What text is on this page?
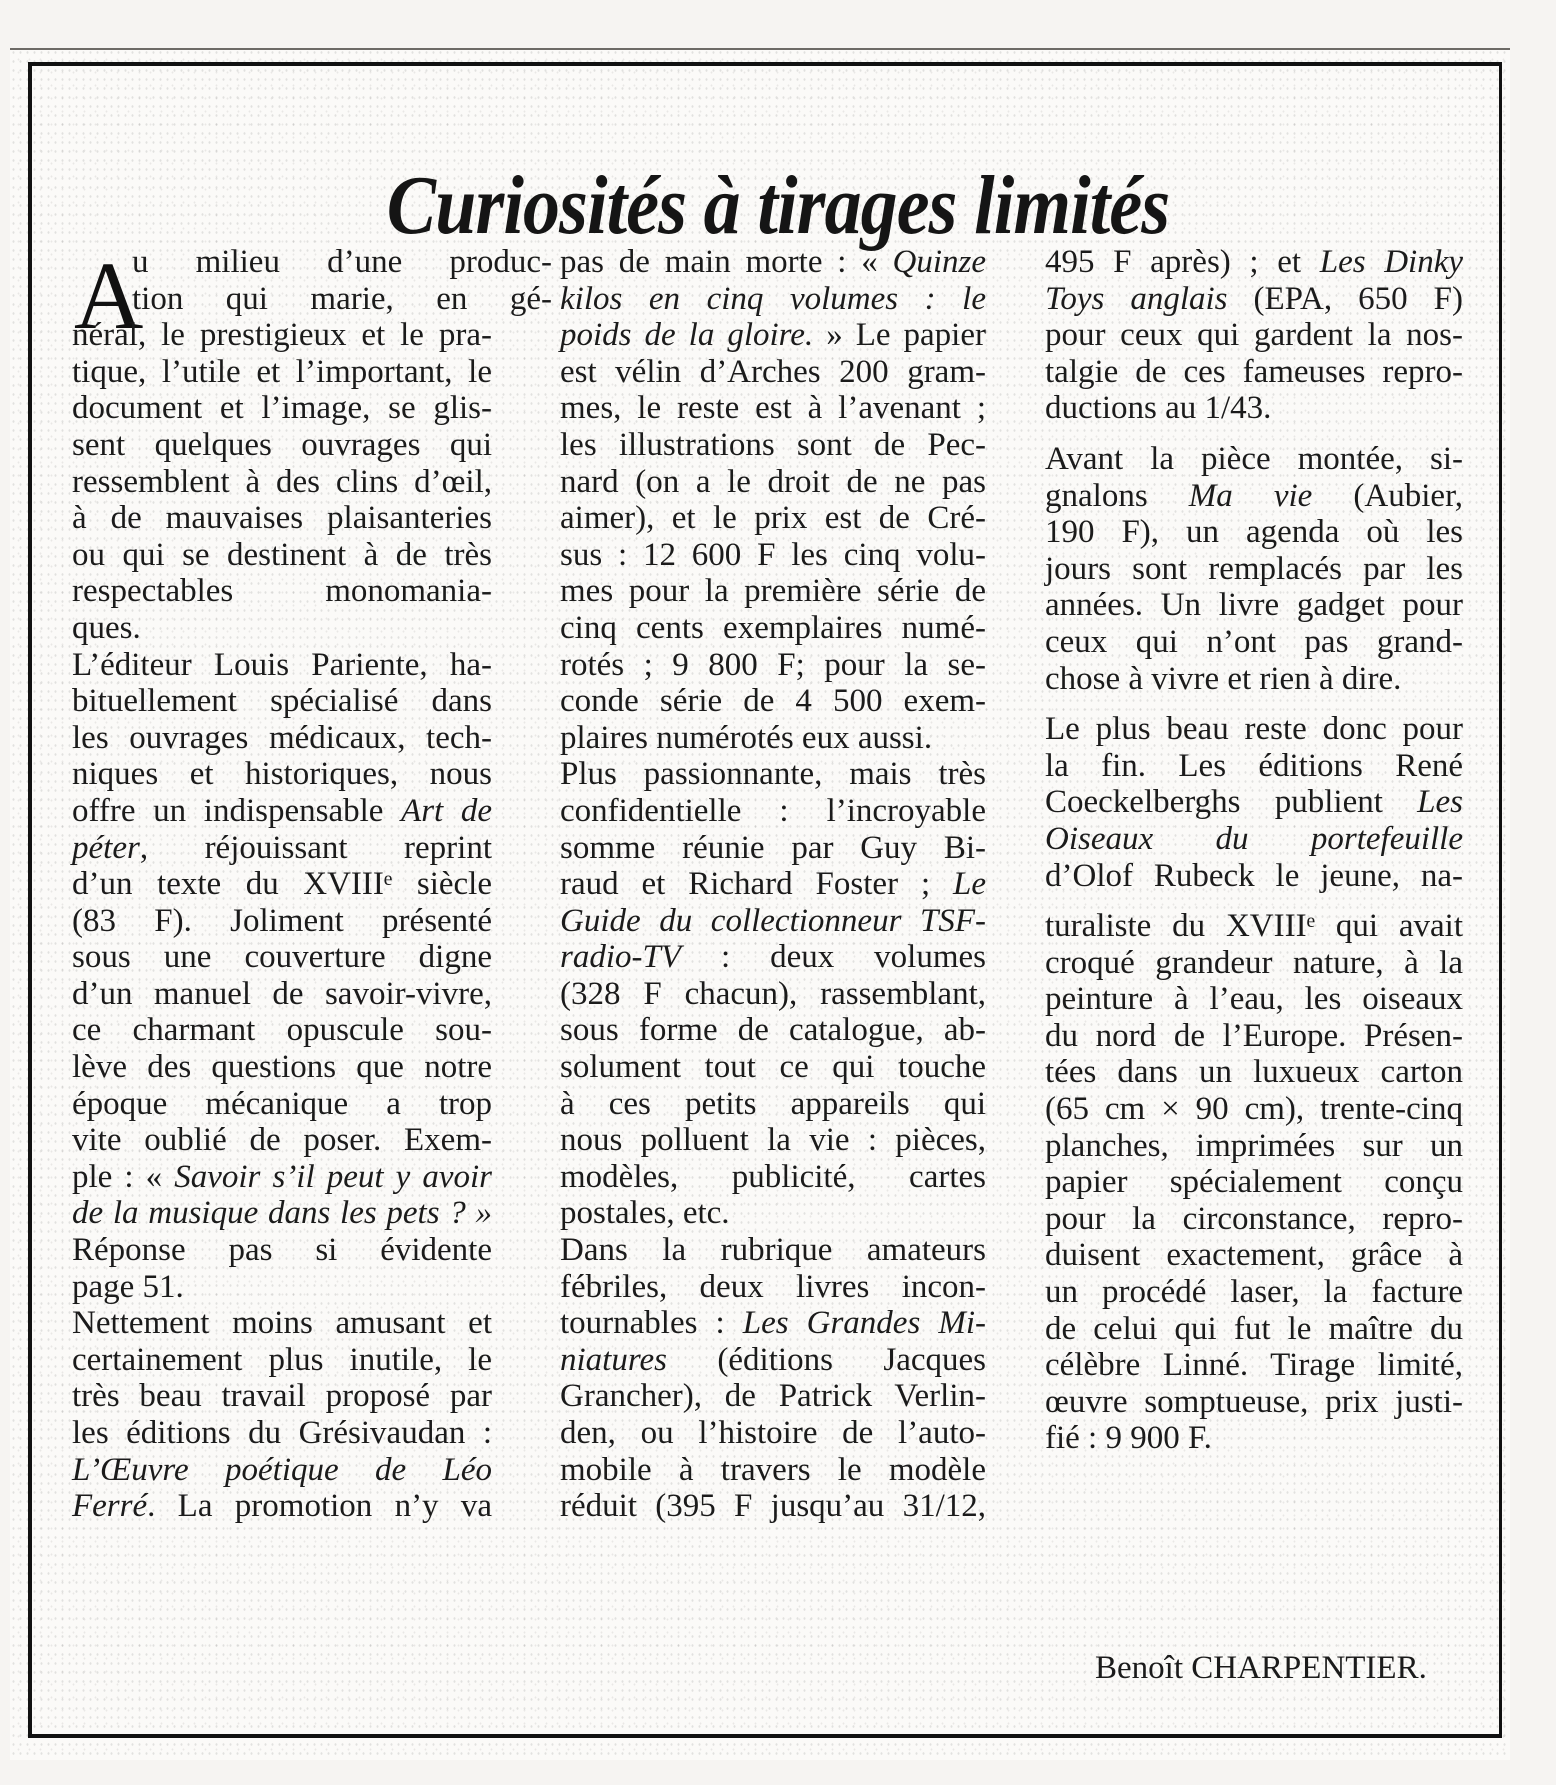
Curiosités à tirages limités
A
u milieu d’une produc-
tion qui marie, en gé-
néral, le prestigieux et le pra-
tique, l’utile et l’important, le
document et l’image, se glis-
sent quelques ouvrages qui
ressemblent à des clins d’œil,
à de mauvaises plaisanteries
ou qui se destinent à de très
respectables monomania-
ques.
L’éditeur Louis Pariente, ha-
bituellement spécialisé dans
les ouvrages médicaux, tech-
niques et historiques, nous
offre un indispensable Art de
péter, réjouissant reprint
d’un texte du XVIIIᵉ siècle
(83 F). Joliment présenté
sous une couverture digne
d’un manuel de savoir-vivre,
ce charmant opuscule sou-
lève des questions que notre
époque mécanique a trop
vite oublié de poser. Exem-
ple : « Savoir s’il peut y avoir
de la musique dans les pets ? »
Réponse pas si évidente
page 51.
Nettement moins amusant et
certainement plus inutile, le
très beau travail proposé par
les éditions du Grésivaudan :
L’Œuvre poétique de Léo
Ferré. La promotion n’y va
pas de main morte : « Quinze
kilos en cinq volumes : le
poids de la gloire. » Le papier
est vélin d’Arches 200 gram-
mes, le reste est à l’avenant ;
les illustrations sont de Pec-
nard (on a le droit de ne pas
aimer), et le prix est de Cré-
sus : 12 600 F les cinq volu-
mes pour la première série de
cinq cents exemplaires numé-
rotés ; 9 800 F; pour la se-
conde série de 4 500 exem-
plaires numérotés eux aussi.
Plus passionnante, mais très
confidentielle : l’incroyable
somme réunie par Guy Bi-
raud et Richard Foster ; Le
Guide du collectionneur TSF-
radio-TV : deux volumes
(328 F chacun), rassemblant,
sous forme de catalogue, ab-
solument tout ce qui touche
à ces petits appareils qui
nous polluent la vie : pièces,
modèles, publicité, cartes
postales, etc.
Dans la rubrique amateurs
fébriles, deux livres incon-
tournables : Les Grandes Mi-
niatures (éditions Jacques
Grancher), de Patrick Verlin-
den, ou l’histoire de l’auto-
mobile à travers le modèle
réduit (395 F jusqu’au 31/12,
495 F après) ; et Les Dinky
Toys anglais (EPA, 650 F)
pour ceux qui gardent la nos-
talgie de ces fameuses repro-
ductions au 1/43.
Avant la pièce montée, si-
gnalons Ma vie (Aubier,
190 F), un agenda où les
jours sont remplacés par les
années. Un livre gadget pour
ceux qui n’ont pas grand-
chose à vivre et rien à dire.
Le plus beau reste donc pour
la fin. Les éditions René
Coeckelberghs publient Les
Oiseaux du portefeuille
d’Olof Rubeck le jeune, na-
turaliste du XVIIIᵉ qui avait
croqué grandeur nature, à la
peinture à l’eau, les oiseaux
du nord de l’Europe. Présen-
tées dans un luxueux carton
(65 cm × 90 cm), trente-cinq
planches, imprimées sur un
papier spécialement conçu
pour la circonstance, repro-
duisent exactement, grâce à
un procédé laser, la facture
de celui qui fut le maître du
célèbre Linné. Tirage limité,
œuvre somptueuse, prix justi-
fié : 9 900 F.
Benoît CHARPENTIER.
